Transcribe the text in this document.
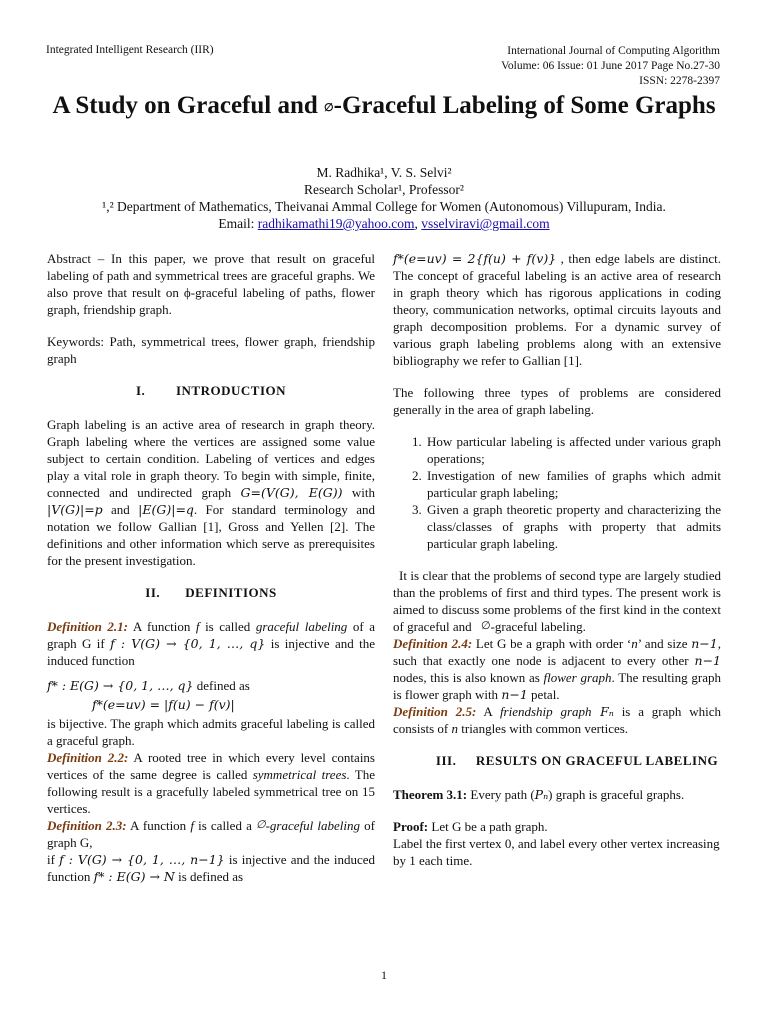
Integrated Intelligent Research (IIR)	International Journal of Computing Algorithm
Volume: 06 Issue: 01 June 2017 Page No.27-30
ISSN: 2278-2397
A Study on Graceful and ∅-Graceful Labeling of Some Graphs
M. Radhika¹, V. S. Selvi²
Research Scholar¹, Professor²
¹,² Department of Mathematics, Theivanai Ammal College for Women (Autonomous) Villupuram, India.
Email: radhikamathi19@yahoo.com, vsselviravi@gmail.com

Abstract – In this paper, we prove that result on graceful labeling of path and symmetrical trees are graceful graphs. We also prove that result on ϕ-graceful labeling of paths, flower graph, friendship graph.

Keywords: Path, symmetrical trees, flower graph, friendship graph

I. INTRODUCTION

Graph labeling is an active area of research in graph theory. Graph labeling where the vertices are assigned some value subject to certain condition. Labeling of vertices and edges play a vital role in graph theory. To begin with simple, finite, connected and undirected graph G=(V(G), E(G)) with |V(G)|=p and |E(G)|=q. For standard terminology and notation we follow Gallian [1], Gross and Yellen [2]. The definitions and other information which serve as prerequisites for the present investigation.

II. DEFINITIONS

Definition 2.1: A function f is called graceful labeling of a graph G if f : V(G) → {0, 1, …, q} is injective and the induced function

f* : E(G) → {0, 1, …, q} defined as
f*(e=uv) = |f(u) − f(v)|

is bijective. The graph which admits graceful labeling is called a graceful graph.

Definition 2.2: A rooted tree in which every level contains vertices of the same degree is called symmetrical trees. The following result is a gracefully labeled symmetrical tree on 15 vertices.

Definition 2.3: A function f is called a ∅-graceful labeling of graph G,

if f : V(G) → {0, 1, …, n−1} is injective and the induced function f* : E(G) → N is defined as

f*(e=uv) = 2{f(u) + f(v)} , then edge labels are distinct. The concept of graceful labeling is an active area of research in graph theory which has rigorous applications in coding theory, communication networks, optimal circuits layouts and graph decomposition problems. For a dynamic survey of various graph labeling problems along with an extensive bibliography we refer to Gallian [1].

The following three types of problems are considered generally in the area of graph labeling.

1. How particular labeling is affected under various graph operations;
2. Investigation of new families of graphs which admit particular graph labeling;
3. Given a graph theoretic property and characterizing the class/classes of graphs with property that admits particular graph labeling.

It is clear that the problems of second type are largely studied than the problems of first and third types. The present work is aimed to discuss some problems of the first kind in the context of graceful and ∅-graceful labeling.

Definition 2.4: Let G be a graph with order ‘n’ and size n−1, such that exactly one node is adjacent to every other n−1 nodes, this is also known as flower graph. The resulting graph is flower graph with n−1 petal.

Definition 2.5: A friendship graph Fₙ is a graph which consists of n triangles with common vertices.

III. RESULTS ON GRACEFUL LABELING

Theorem 3.1: Every path (Pₙ) graph is graceful graphs.

Proof: Let G be a path graph.

Label the first vertex 0, and label every other vertex increasing by 1 each time.

1
